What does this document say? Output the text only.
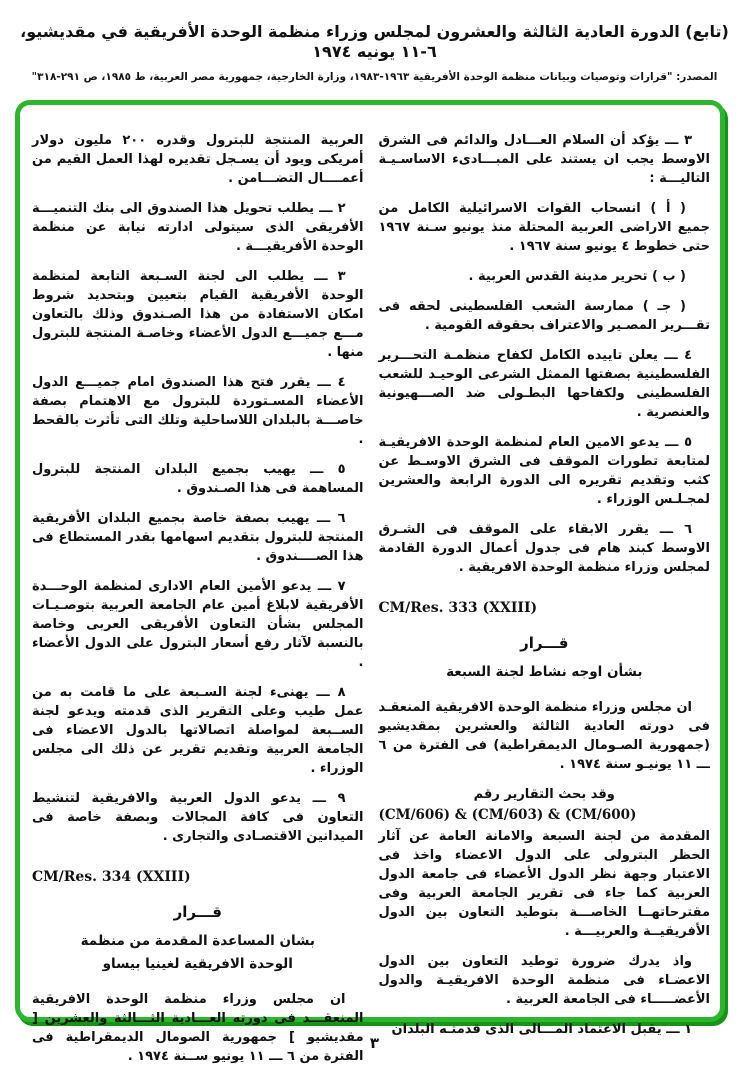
(تابع) الدورة العادية الثالثة والعشرون لمجلس وزراء منظمة الوحدة الأفريقية في مقديشيو، ٦-١١ يونيه ١٩٧٤
المصدر: "قرارات وتوصيات وبيانات منظمة الوحدة الأفريقية ١٩٦٣-١٩٨٣، وزارة الخارجية، جمهورية مصر العربية، ط ١٩٨٥، ص ٢٩١-٣١٨"

٣ ـــ يؤكد أن السلام العـــادل والدائم فى الشرق الاوسط يجب ان يستند على المبـــادىء الاساسـيـة التاليـــة :

( أ ) انسحاب القوات الاسرائيلية الكامل من جميع الاراضى العربية المحتلة منذ يونيو سـنة ١٩٦٧ حتى خطوط ٤ يونيو سنة ١٩٦٧ .

( ب ) تحرير مدينة القدس العربية .

( جـ ) ممارسة الشعب الفلسطينى لحقه فى تقـــرير المصـير والاعتراف بحقوقه القومية .

٤ ـــ يعلن تاييده الكامل لكفاح منظمـة التحـــرير الفلسطينية بصفتها الممثل الشرعى الوحيـد للشعب الفلسطينى ولكفاحها البطـولى ضد الصـــهيونية والعنصرية .

٥ ـــ يدعو الامين العام لمنظمة الوحدة الافريقيـة لمتابعة تطورات الموقف فى الشرق الاوسـط عن كثب وتقديم تقريره الى الدورة الرابعة والعشرين لمجـلـس الوزراء .

٦ ـــ يقرر الابقاء على الموقف فى الشـرق الاوسط كبند هام فى جدول أعمال الدورة القادمة لمجلس وزراء منظمة الوحدة الافريقية .

CM/Res. 333 (XXIII)

قـــرار

بشأن اوجه نشاط لجنة السبعة

ان مجلس وزراء منظمة الوحدة الافريقية المنعقـد فى دورته العادية الثالثة والعشرين بمقديشيو (جمهورية الصـومال الديمقراطية) فى الفترة من ٦ ـــ ١١ يونيـو سنة ١٩٧٤ .

وقد بحث التقارير رقم

(CM/606) & (CM/603) & (CM/600)

المقدمة من لجنة السبعة والامانة العامة عن آثار الحظر البترولى على الدول الاعضاء واخذ فى الاعتبار وجهة نظر الدول الأعضاء فى جامعة الدول العربية كما جاء فى تقرير الجامعة العربية وفى مقترحاتهــا الخاصـــة بتوطيد التعاون بين الدول الأفريقيــة والعربيـــة .

واذ يدرك ضرورة توطيد التعاون بين الدول الاعضـاء فى منظمة الوحدة الافريقيـة والدول الأعضـــــاء فى الجامعة العربية .

١ ـــ يقبل الاعتماد المـــالى الذى قدمتـه البلدان

العربية المنتجة للبترول وقدره ٢٠٠ مليون دولار أمريكى ويود أن يسـجل تقديره لهذا العمل القيم من أعمــــال التضـــامن .

٢ ـــ يطلب تحويل هذا الصندوق الى بنك التنميـــة الأفريقى الذى سيتولى ادارته نيابة عن منظمة الوحدة الأفريقيـــة .

٣ ـــ يطلب الى لجنة السـبعة التابعة لمنظمة الوحدة الأفريقية القيام بتعيين وبتحديد شروط امكان الاستفادة من هذا الصـندوق وذلك بالتعاون مـــع جميـــع الدول الأعضاء وخاصـة المنتجة للبترول منها .

٤ ـــ يقرر فتح هذا الصندوق امام جميـــع الدول الأعضاء المسـتوردة للبترول مع الاهتمام بصفة خاصـــة بالبلدان اللاساحلية وتلك التى تأثرت بالقحط .

٥ ـــ يهيب بجميع البلدان المنتجة للبترول المساهمة فى هذا الصـندوق .

٦ ـــ يهيب بصفة خاصة بجميع البلدان الأفريقية المنتجة للبترول بتقديم اسهامها بقدر المستطاع فى هذا الصــــندوق .

٧ ـــ يدعو الأمين العام الادارى لمنظمة الوحـــدة الأفريقية لابلاغ أمين عام الجامعة العربية بتوصـيـات المجلس بشأن التعاون الأفريقى العربى وخاصة بالنسبة لآثار رفع أسعار البترول على الدول الأعضاء .

٨ ـــ يهنىء لجنة السـبعة على ما قامت به من عمل طيب وعلى التقرير الذى قدمته ويدعو لجنة الســبعة لمواصلة اتصالاتها بالدول الاعضاء فى الجامعة العربية وتقديم تقرير عن ذلك الى مجلس الوزراء .

٩ ـــ يدعو الدول العربية والافريقية لتنشيط التعاون فى كافة المجالات وبصفة خاصة فى الميدانين الاقتصـادى والتجارى .

CM/Res. 334 (XXIII)

قـــرار

بشان المساعدة المقدمة من منظمة

الوحدة الافريقية لغينيا بيساو

ان مجلس وزراء منظمة الوحدة الافريقية المنعقـــد فى دورته العـــادية الثـــالثة والعشرين [ مقديشيو ] جمهورية الصومال الديمقراطية فى الفترة من ٦ ـــ ١١ يونيو ســنة ١٩٧٤ .

٣
